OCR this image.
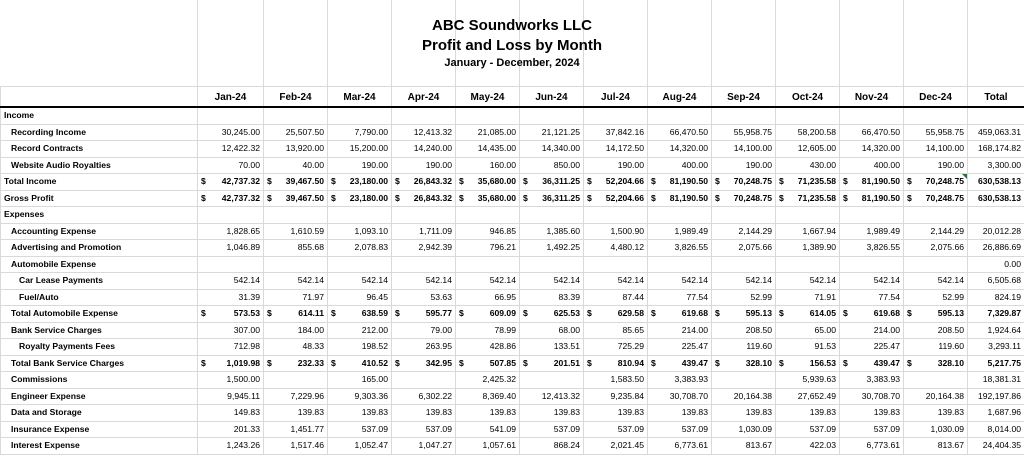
ABC Soundworks LLC
Profit and Loss by Month
January - December, 2024
	Jan-24	Feb-24	Mar-24	Apr-24	May-24	Jun-24	Jul-24	Aug-24	Sep-24	Oct-24	Nov-24	Dec-24	Total
Income													
Recording Income	30,245.00	25,507.50	7,790.00	12,413.32	21,085.00	21,121.25	37,842.16	66,470.50	55,958.75	58,200.58	66,470.50	55,958.75	459,063.31
Record Contracts	12,422.32	13,920.00	15,200.00	14,240.00	14,435.00	14,340.00	14,172.50	14,320.00	14,100.00	12,605.00	14,320.00	14,100.00	168,174.82
Website Audio Royalties	70.00	40.00	190.00	190.00	160.00	850.00	190.00	400.00	190.00	430.00	400.00	190.00	3,300.00
Total Income	$ 42,737.32	$ 39,467.50	$ 23,180.00	$ 26,843.32	$ 35,680.00	$ 36,311.25	$ 52,204.66	$ 81,190.50	$ 70,248.75	$ 71,235.58	$ 81,190.50	$ 70,248.75	630,538.13
Gross Profit	$ 42,737.32	$ 39,467.50	$ 23,180.00	$ 26,843.32	$ 35,680.00	$ 36,311.25	$ 52,204.66	$ 81,190.50	$ 70,248.75	$ 71,235.58	$ 81,190.50	$ 70,248.75	630,538.13
Expenses													
Accounting Expense	1,828.65	1,610.59	1,093.10	1,711.09	946.85	1,385.60	1,500.90	1,989.49	2,144.29	1,667.94	1,989.49	2,144.29	20,012.28
Advertising and Promotion	1,046.89	855.68	2,078.83	2,942.39	796.21	1,492.25	4,480.12	3,826.55	2,075.66	1,389.90	3,826.55	2,075.66	26,886.69
Automobile Expense													0.00
Car Lease Payments	542.14	542.14	542.14	542.14	542.14	542.14	542.14	542.14	542.14	542.14	542.14	542.14	6,505.68
Fuel/Auto	31.39	71.97	96.45	53.63	66.95	83.39	87.44	77.54	52.99	71.91	77.54	52.99	824.19
Total Automobile Expense	$ 573.53	$ 614.11	$ 638.59	$ 595.77	$ 609.09	$ 625.53	$ 629.58	$ 619.68	$ 595.13	$ 614.05	$ 619.68	$ 595.13	7,329.87
Bank Service Charges	307.00	184.00	212.00	79.00	78.99	68.00	85.65	214.00	208.50	65.00	214.00	208.50	1,924.64
Royalty Payments Fees	712.98	48.33	198.52	263.95	428.86	133.51	725.29	225.47	119.60	91.53	225.47	119.60	3,293.11
Total Bank Service Charges	$ 1,019.98	$ 232.33	$ 410.52	$ 342.95	$ 507.85	$ 201.51	$ 810.94	$ 439.47	$ 328.10	$ 156.53	$ 439.47	$ 328.10	5,217.75
Commissions	1,500.00		165.00		2,425.32		1,583.50	3,383.93		5,939.63	3,383.93		18,381.31
Engineer Expense	9,945.11	7,229.96	9,303.36	6,302.22	8,369.40	12,413.32	9,235.84	30,708.70	20,164.38	27,652.49	30,708.70	20,164.38	192,197.86
Data and Storage	149.83	139.83	139.83	139.83	139.83	139.83	139.83	139.83	139.83	139.83	139.83	139.83	1,687.96
Insurance Expense	201.33	1,451.77	537.09	537.09	541.09	537.09	537.09	537.09	1,030.09	537.09	537.09	1,030.09	8,014.00
Interest Expense	1,243.26	1,517.46	1,052.47	1,047.27	1,057.61	868.24	2,021.45	6,773.61	813.67	422.03	6,773.61	813.67	24,404.35
